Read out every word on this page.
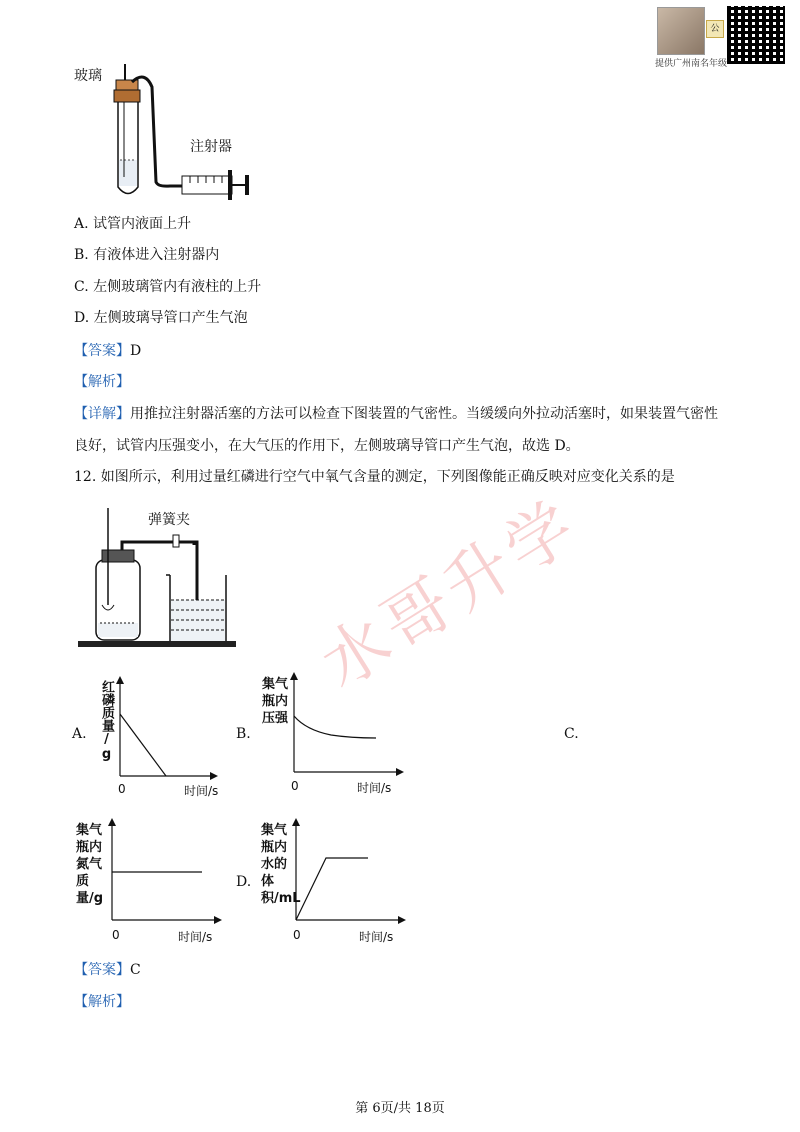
公
提供广州南名年级
玻璃
注射器
A. 试管内液面上升
B. 有液体进入注射器内
C. 左侧玻璃管内有液柱的上升
D. 左侧玻璃导管口产生气泡
【答案】D
【解析】
【详解】用推拉注射器活塞的方法可以检查下图装置的气密性。当缓缓向外拉动活塞时，如果装置气密性
良好，试管内压强变小，在大气压的作用下，左侧玻璃导管口产生气泡，故选 D。
12. 如图所示，利用过量红磷进行空气中氧气含量的测定，下列图像能正确反映对应变化关系的是
弹簧夹 水哥升学
A. 红磷质量/g
0	时间/s
B.
集气瓶内压强
0	时间/s
C.
集气瓶内氮气质量/g
0	时间/s
D.
集气瓶内水的体积/mL
0	时间/s
【答案】C
【解析】
第 6页/共 18页
